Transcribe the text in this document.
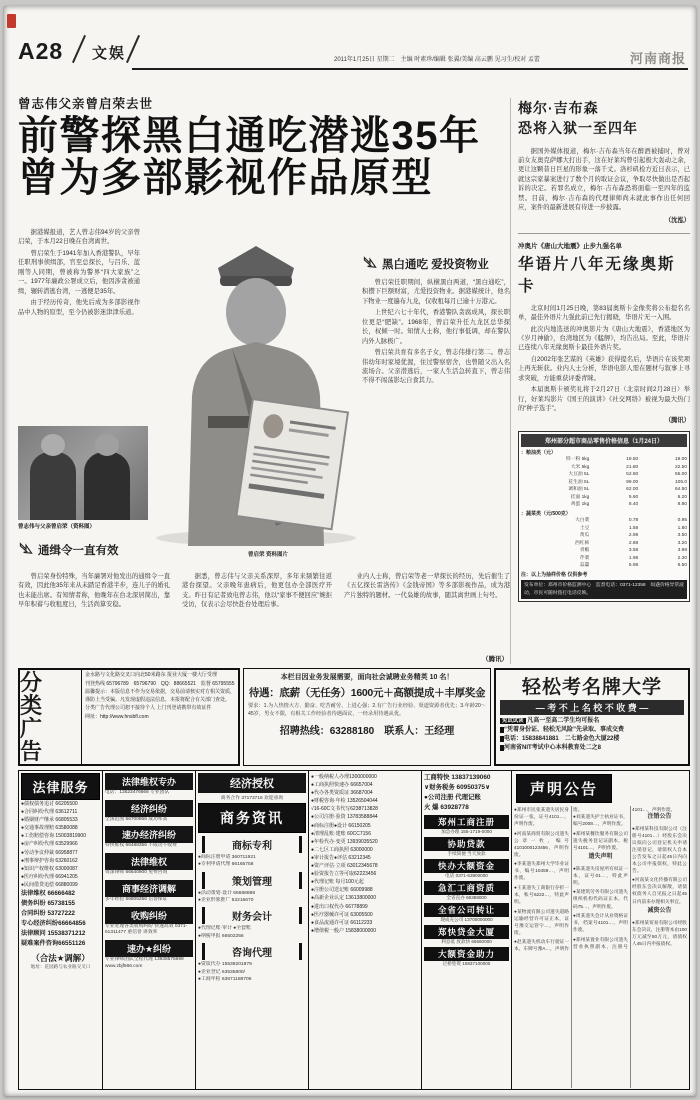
A28 文娱	2011年1月25日 星期二　主编 时素珍/编辑 张翼/美编 高云鹏 见习生/校对 孟蕾	河南商报
曾志伟父亲曾启荣去世
前警探黑白通吃潜逃35年
曾为多部影视作品原型

据港媒报道，艺人曾志伟94岁的父亲曾启荣，于本月22日晚在台湾离世。

曾启荣生于1941年加入香港警队，早年任职刑事侦缉部，官至总探长，与吕乐、蓝刚等人同期，曾被称为警界“四大家族”之一。1977年廉政公署成立后，他因涉贪被通缉，辗转潜逃台湾，一逃便是35年。

由于经历传奇，他先后成为多部影视作品中人物的原型，至今仍被影迷津津乐道。

曾志伟与父亲曾启荣（资料图）
曾启荣 资料图片
黑白通吃 爱投资物业

曾启荣任职期间，纵横黑白两道，“黑白通吃”，积攒下巨额财富，尤爱投资物业。据港媒统计，他名下物业一度遍布九龙，仅收租每月已逾十万港元。

上世纪六七十年代，香港警队贪腐成风，探长职位更是“肥缺”。1968年，曾启荣升任九龙区总华探长，权倾一时。知情人士称，他行事低调，却在警队内外人脉极广。

曾启荣共育有多名子女，曾志伟排行第二。曾志伟幼年时家境优渥，住过警察宿舍，也曾随父出入名流场合。父亲潜逃后，一家人生活急转直下，曾志伟不得不闯荡影坛自食其力。

通缉令一直有效

曾启荣身份特殊，当年廉署对他发出的通缉令一直有效，因此他35年来从未踏足香港半步，连儿子的婚礼也未能出席。有知情者称，他晚年在台北深居简出，靠早年积蓄与收租度日，生活尚算安稳。

据悉，曾志伟与父亲关系深厚，多年来频繁往返港台探望。父亲晚年患病后，他更包办全部医疗开支。昨日有记者致电曾志伟，他以“家事不便回应”婉拒受访，仅表示会尽快赴台处理后事。

业内人士称，曾启荣等老一辈探长的经历，先后催生了《五亿探长雷洛传》《金钱帝国》等多部影视作品，成为港产片独特的题材。一代枭雄的故事，随其离世画上句号。

（腾讯）
梅尔·吉布森
恐将入狱一至四年

据国外媒体报道，梅尔·吉布森当年在醉酒被捕时，曾对前女友奥克萨娜大打出手，这在好莱坞曾引起极大轰动之余，更让这颗昔日巨星的形象一落千丈。洛杉矶检方近日表示，已就这宗家暴案进行了数个月的取证会议，争取尽快做出是否起诉的决定。若罪名成立，梅尔·吉布森恐将面临一至四年的监禁。目前，梅尔·吉布森的代理律师尚未就此事作出任何回应，案件的最新进展有待进一步披露。

（沈泓）
冲奥片《唐山大地震》止步九强名单
华语片八年无缘奥斯卡

北京时间1月25日晚，第83届奥斯卡金像奖将公布提名名单，最佳外语片九强此前已先行揭晓，华语片无一入围。

此次内地选送的冲奥影片为《唐山大地震》，香港地区为《岁月神偷》，台湾地区为《艋舺》，均告出局。至此，华语片已连续八年无缘奥斯卡最佳外语片奖。

自2002年张艺谋的《英雄》获得提名后，华语片在该奖项上再无斩获。业内人士分析，华语电影人需在题材与叙事上寻求突破，方能重获评委青睐。

本届奥斯卡颁奖礼将于2月27日（北京时间2月28日）举行，好莱坞影片《国王的演讲》《社交网络》被视为最大热门的“种子选手”。

（腾讯）
郑州部分超市商品零售价格信息（1月24日）
：粮油类（元）
特一粉 5kg	18.50	19.00
大米 5kg	21.80	22.50
大豆油 5L	52.50	55.00
花生油 5L	99.00	105.0
调和油 5L	62.00	64.50
挂面 1kg	5.60	6.20
鸡蛋 1kg	8.40	8.80
：蔬菜类（元/500克）
大白菜	0.78	0.95
土豆	1.58	1.80
黄瓜	2.98	3.50
西红柿	2.88	3.20
青椒	3.58	3.98
芹菜	1.98	2.30
蒜薹	5.98	6.50
注：以上为抽样价格 仅供参考
发布单位：郑州市价格监测中心　监督电话：0371-12358　如遇价格异常波动，市民可随时拨打电话反映。
分　类
广　告
金水路与文化路交叉口向北50米路东 报业大厦一楼大厅受理
刊登热线 65796789　65796790　QQ：88665521　监督 65795555
温馨提示：本版信息不作为交易依据，交易前请核实对方相关资质，谨防上当受骗。凡发现虚假违法信息，本报将配合有关部门查处。
分类广告代理公司恕不接待个人 上门刊登请携带有效证件
网址：http://www.hnsbfl.com
本栏目因业务发展需要，面向社会诚聘业务精英 10 名！
待遇：底薪（无任务）1600元＋高额提成＋丰厚奖金
要求：1.为人热情大方、勤奋、吃苦耐劳、上进心强；2.有广告行业经验、渠道资源者优先；3.年龄20～45岁，男女不限，有相关工作经验者待遇面议，一经录用待遇从优。
招聘热线：63288180　联系人：王经理
轻松考名牌大学
— 考 不 上 名 校 不 收 费 —
免试试读 凡高一至高二学生均可报名
“凭着身份证、轻松无风险”先录取、事成交费
电话：15838841881　二七路金色大厦22楼
河南省NIT考试中心本科教育处二之8
法律服务
●债权债务追讨 66205500
●合同纠纷代理 63612711
●婚姻财产继承 66805533
●交通事故理赔 63580088
●工伤赔偿咨询 15003819900
●房产纠纷代理 63529966
●劳动争议仲裁 66958877
●刑事辩护咨询 63260162
●知识产权维权 63000087
●医疗纠纷代理 66941205
●民间借贷追偿 66880099
法律维权 66666482
债务纠纷 65738155
合同纠纷 53727222
专心经济纠纷66664856
法律顾问 15538371212
疑难案件咨询66551126
（合法★调解）
地址：花园路与农业路交叉口
法律维权专办
电话：13523476666 专业团队
经济纠纷
全国范围 66700866 成功率高
速办经济纠纷
特快维权 66488356 不成功不收费
法律维权
资深律师 66640900 免费咨询
商事经济调解
多年经验 66805256 信誉保证
收购纠纷
专业处理各类收购纠纷 快速高效 0371-61311477 重信誉 讲效率
速办★纠纷
专业律师团队全程代理 13938576699 www.zbjf666.com
经济授权
商务合作 37173716 欢迎垂询
商务资讯
商标专利
●商标注册申请 360711921
●专利申请代理 66165758
策划管理
●活动策划·设计 66668888
●企业形象推广 53216670
财务会计
●代理记账·审计 ●全套账
●纳税申报 66502256
咨询代理
●资质代办 15538201879
●企业登记 63535800/
●工商年检 63671188706
●一般纳税人办理1300000000
●工商执照快速办 66657004
●代办各类资质证 36687004
●财税咨询·年检 13526504044
√16-60C文书代写6238713828
●公司注册·验资 13783588844
●商标注册●设计 66150205
●清理乱账·建账 60CC7156
●年检代办·变更 13939035520
●二七区工商执照 63000000
●审计报告●评估 63212345
●资产评估·立项 63012345678
●验资报告立等可取62223456
●代理记账 每月100元起
●注册公司送记账 66009988
●高新企业认定 13613800000
●进出口权代办 66778899
●医疗器械许可证 63005500
●食品流通许可证 66112233
●增值税一般户 15838000000
工商特快 13837139060
∨财务税务 60950375∨
●公司注册 代理记账
火 爆 63928778
郑州工商注册
加急办理 155-1719-0000
协助贷款
手续简便 当天放款
快办大额资金
电话 0371-63900000
急汇工商资质
全省直办 66388000
全省公司转让
现成壳公司 13700000000
郑快贷金大厦
利息低 放款快 66660000
大额资金助力
过桥垫资 15837100000
声明公告
●郑州市民张某遗失居民身份证一张，证号4101…，声明作废。
●河南某商贸有限公司遗失公章一枚，编号4101000123456，声明作废。
●李某遗失郑州大学毕业证书，编号10459…，声明作废。
●王某遗失工商银行存折一本，账号6222…，特此声明。
●某物流有限公司遗失道路运输经营许可证正本，证号豫交运管字…，声明作废。
●赵某遗失机动车行驶证一本，车牌号豫A…，声明作废。
●刘某遗失护士执业证书，编号2008…，声明作废。
●郑州某餐饮服务有限公司遗失税务登记证副本，税号4101…，声明作废。
遗失声明
●陈某遗失房屋所有权证一本，证号01…，特此声明。
●某建筑劳务有限公司遗失组织机构代码证正本，代码75…，声明作废。
●周某遗失会计从业资格证书，档案号4101…，声明作废。
●郑州某置业有限公司遗失营业执照副本，注册号4101…，声明作废。
注销公告
●郑州某科技有限公司（注册号4101…）经股东会决议拟向公司登记机关申请注销登记，请债权人自本公告发布之日起45日内向本公司申报债权，特此公告。
●河南某文化传播有限公司经股东会决议解散，请债权债务人自见报之日起45日内前来办理相关事宜。
减资公告
●郑州某贸易有限公司经股东会决议，注册资本由100万元减至50万元，请债权人45日内申报债权。
